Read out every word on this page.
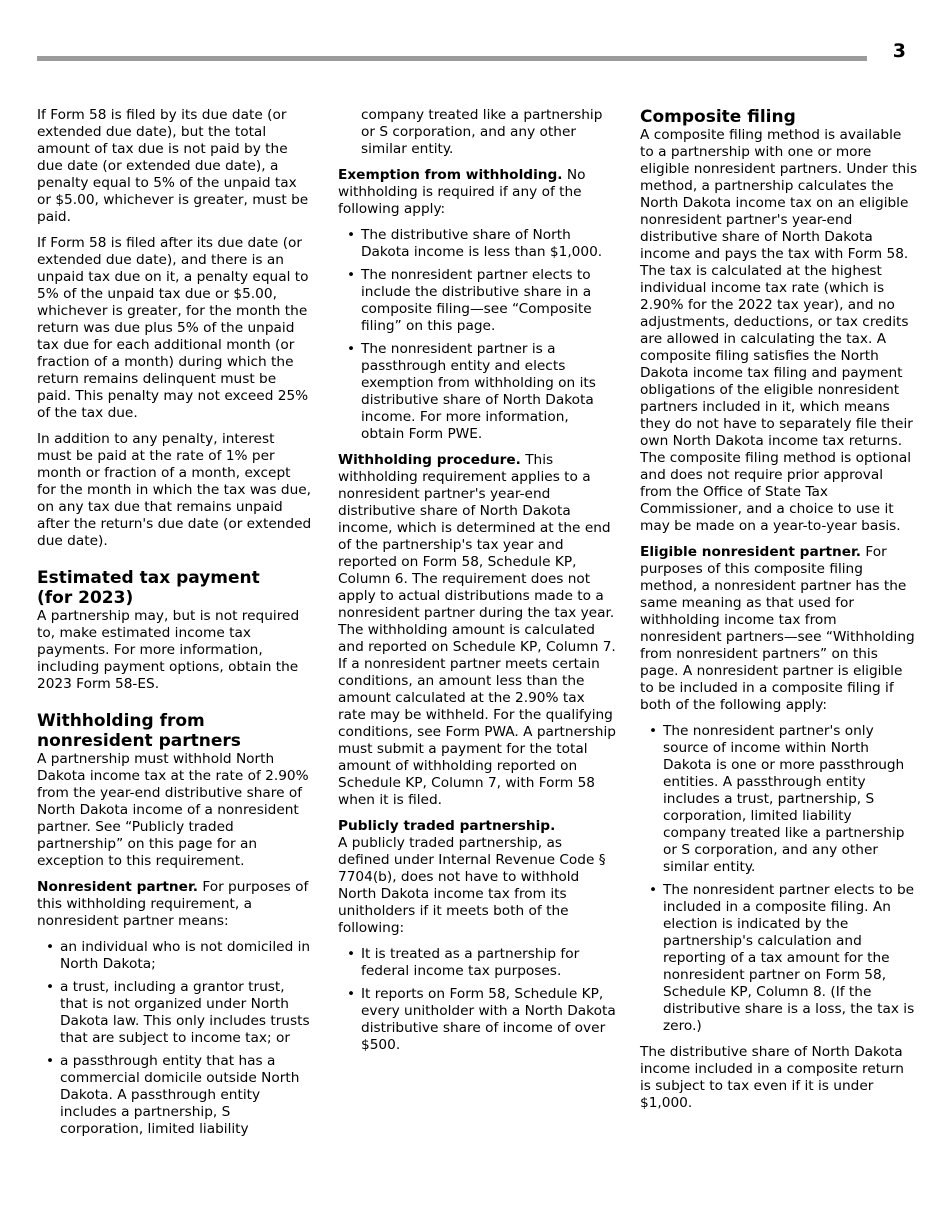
3

If Form 58 is filed by its due date (or extended due date), but the total amount of tax due is not paid by the due date (or extended due date), a penalty equal to 5% of the unpaid tax or $5.00, whichever is greater, must be paid.

If Form 58 is filed after its due date (or extended due date), and there is an unpaid tax due on it, a penalty equal to 5% of the unpaid tax due or $5.00, whichever is greater, for the month the return was due plus 5% of the unpaid tax due for each additional month (or fraction of a month) during which the return remains delinquent must be paid. This penalty may not exceed 25% of the tax due.

In addition to any penalty, interest must be paid at the rate of 1% per month or fraction of a month, except for the month in which the tax was due, on any tax due that remains unpaid after the return's due date (or extended due date).

Estimated tax payment
(for 2023)

A partnership may, but is not required to, make estimated income tax payments. For more information, including payment options, obtain the 2023 Form 58-ES.

Withholding from
nonresident partners

A partnership must withhold North Dakota income tax at the rate of 2.90% from the year-end distributive share of North Dakota income of a nonresident partner. See “Publicly traded partnership” on this page for an exception to this requirement.

Nonresident partner. For purposes of this withholding requirement, a nonresident partner means:

• an individual who is not domiciled in North Dakota;
• a trust, including a grantor trust, that is not organized under North Dakota law. This only includes trusts that are subject to income tax; or
• a passthrough entity that has a commercial domicile outside North Dakota. A passthrough entity includes a partnership, S corporation, limited liability
company treated like a partnership or S corporation, and any other similar entity.

Exemption from withholding. No withholding is required if any of the following apply:

• The distributive share of North Dakota income is less than $1,000.
• The nonresident partner elects to include the distributive share in a composite filing—see “Composite filing” on this page.
• The nonresident partner is a passthrough entity and elects exemption from withholding on its distributive share of North Dakota income. For more information, obtain Form PWE.

Withholding procedure. This withholding requirement applies to a nonresident partner's year-end distributive share of North Dakota income, which is determined at the end of the partnership's tax year and reported on Form 58, Schedule KP, Column 6. The requirement does not apply to actual distributions made to a nonresident partner during the tax year. The withholding amount is calculated and reported on Schedule KP, Column 7. If a nonresident partner meets certain conditions, an amount less than the amount calculated at the 2.90% tax rate may be withheld. For the qualifying conditions, see Form PWA. A partnership must submit a payment for the total amount of withholding reported on Schedule KP, Column 7, with Form 58 when it is filed.

Publicly traded partnership.
A publicly traded partnership, as defined under Internal Revenue Code § 7704(b), does not have to withhold North Dakota income tax from its unitholders if it meets both of the following:

• It is treated as a partnership for federal income tax purposes.
• It reports on Form 58, Schedule KP, every unitholder with a North Dakota distributive share of income of over $500.
Composite filing

A composite filing method is available to a partnership with one or more eligible nonresident partners. Under this method, a partnership calculates the North Dakota income tax on an eligible nonresident partner's year-end distributive share of North Dakota income and pays the tax with Form 58. The tax is calculated at the highest individual income tax rate (which is 2.90% for the 2022 tax year), and no adjustments, deductions, or tax credits are allowed in calculating the tax. A composite filing satisfies the North Dakota income tax filing and payment obligations of the eligible nonresident partners included in it, which means they do not have to separately file their own North Dakota income tax returns. The composite filing method is optional and does not require prior approval from the Office of State Tax Commissioner, and a choice to use it may be made on a year-to-year basis.

Eligible nonresident partner. For purposes of this composite filing method, a nonresident partner has the same meaning as that used for withholding income tax from nonresident partners—see “Withholding from nonresident partners” on this page. A nonresident partner is eligible to be included in a composite filing if both of the following apply:

• The nonresident partner's only source of income within North Dakota is one or more passthrough entities. A passthrough entity includes a trust, partnership, S corporation, limited liability company treated like a partnership or S corporation, and any other similar entity.
• The nonresident partner elects to be included in a composite filing. An election is indicated by the partnership's calculation and reporting of a tax amount for the nonresident partner on Form 58, Schedule KP, Column 8. (If the distributive share is a loss, the tax is zero.)

The distributive share of North Dakota income included in a composite return is subject to tax even if it is under $1,000.
